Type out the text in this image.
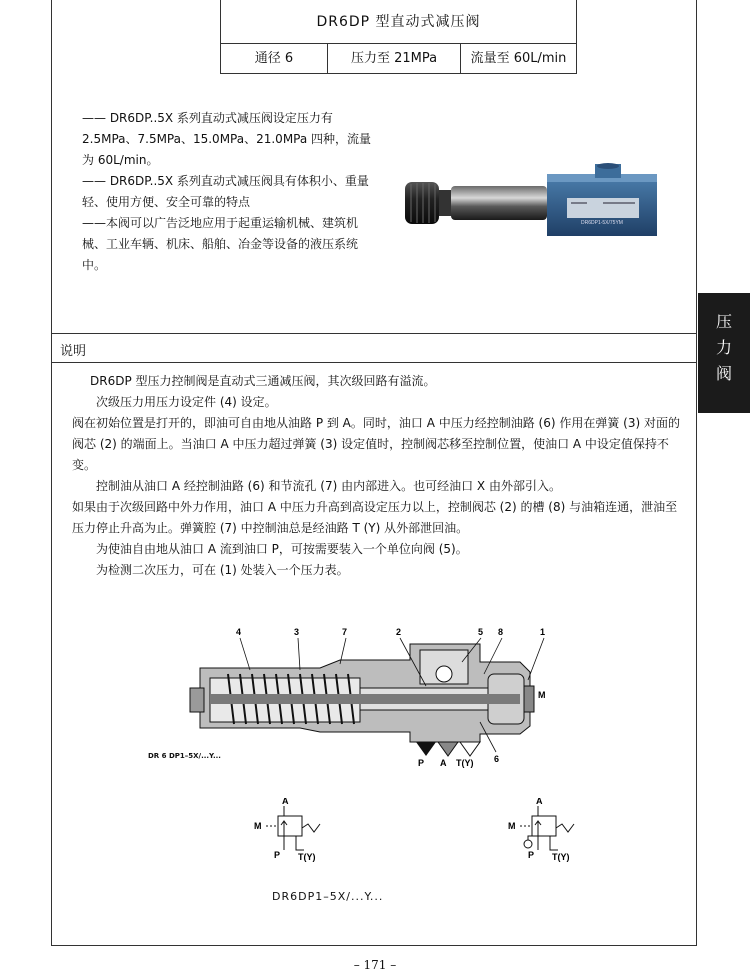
DR6DP 型直动式减压阀
通径 6	压力至 21MPa	流量至 60L/min

—— DR6DP..5X 系列直动式减压阀设定压力有 2.5MPa、7.5MPa、15.0MPa、21.0MPa 四种，流量为 60L/min。

—— DR6DP..5X 系列直动式减压阀具有体积小、重量轻、使用方便、安全可靠的特点

——本阀可以广告泛地应用于起重运输机械、建筑机械、工业车辆、机床、船舶、冶金等设备的液压系统中。

DR6DP1-5X/75YM
说明

DR6DP 型压力控制阀是直动式三通减压阀，其次级回路有溢流。

次级压力用压力设定件 (4) 设定。

阀在初始位置是打开的，即油可自由地从油路 P 到 A。同时，油口 A 中压力经控制油路 (6) 作用在弹簧 (3) 对面的阀芯 (2) 的端面上。当油口 A 中压力超过弹簧 (3) 设定值时，控制阀芯移至控制位置，使油口 A 中设定值保持不变。

控制油从油口 A 经控制油路 (6) 和节流孔 (7) 由内部进入。也可经油口 X 由外部引入。

如果由于次级回路中外力作用，油口 A 中压力升高到高设定压力以上，控制阀芯 (2) 的槽 (8) 与油箱连通，泄油至压力停止升高为止。弹簧腔 (7) 中控制油总是经油路 T (Y) 从外部泄回油。

为使油自由地从油口 A 流到油口 P，可按需要装入一个单位向阀 (5)。

为检测二次压力，可在 (1) 处装入一个压力表。

4	3	7	2	5 8	1
6
M
P A T(Y)
DR 6 DP1–5X/...Y...
A
M
P T(Y)
A
M
P T(Y)
DR6DP1–5X/...Y...
压
力
阀
– 171 –
